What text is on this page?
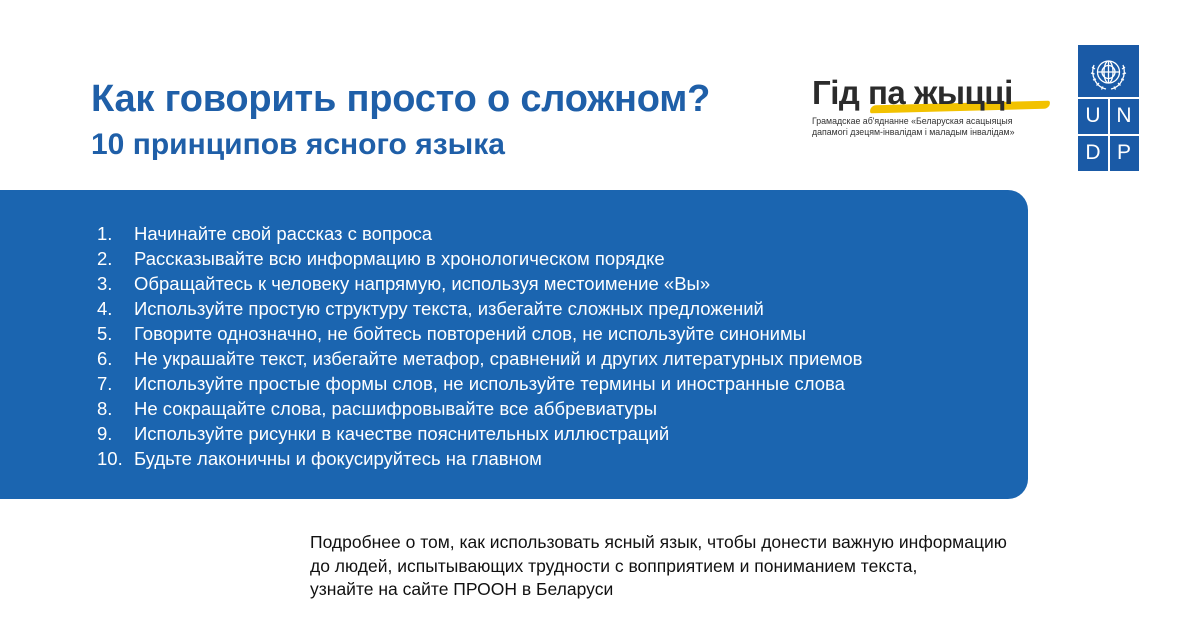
Как говорить просто о сложном?
10 принципов ясного языка
Гід па жыцці
Грамадскае аб'яднанне «Беларуская асацыяцыя
дапамогі дзецям-інвалідам і маладым інвалідам»
U N
D P
1. Начинайте свой рассказ с вопроса
2. Рассказывайте всю информацию в хронологическом порядке
3. Обращайтесь к человеку напрямую, используя местоимение «Вы»
4. Используйте простую структуру текста, избегайте сложных предложений
5. Говорите однозначно, не бойтесь повторений слов, не используйте синонимы
6. Не украшайте текст, избегайте метафор, сравнений и других литературных приемов
7. Используйте простые формы слов, не используйте термины и иностранные слова
8. Не сокращайте слова, расшифровывайте все аббревиатуры
9. Используйте рисунки в качестве пояснительных иллюстраций
10. Будьте лаконичны и фокусируйтесь на главном
Подробнее о том, как использовать ясный язык, чтобы донести важную информацию
до людей, испытывающих трудности с вопприятием и пониманием текста,
узнайте на сайте ПРООН в Беларуси
